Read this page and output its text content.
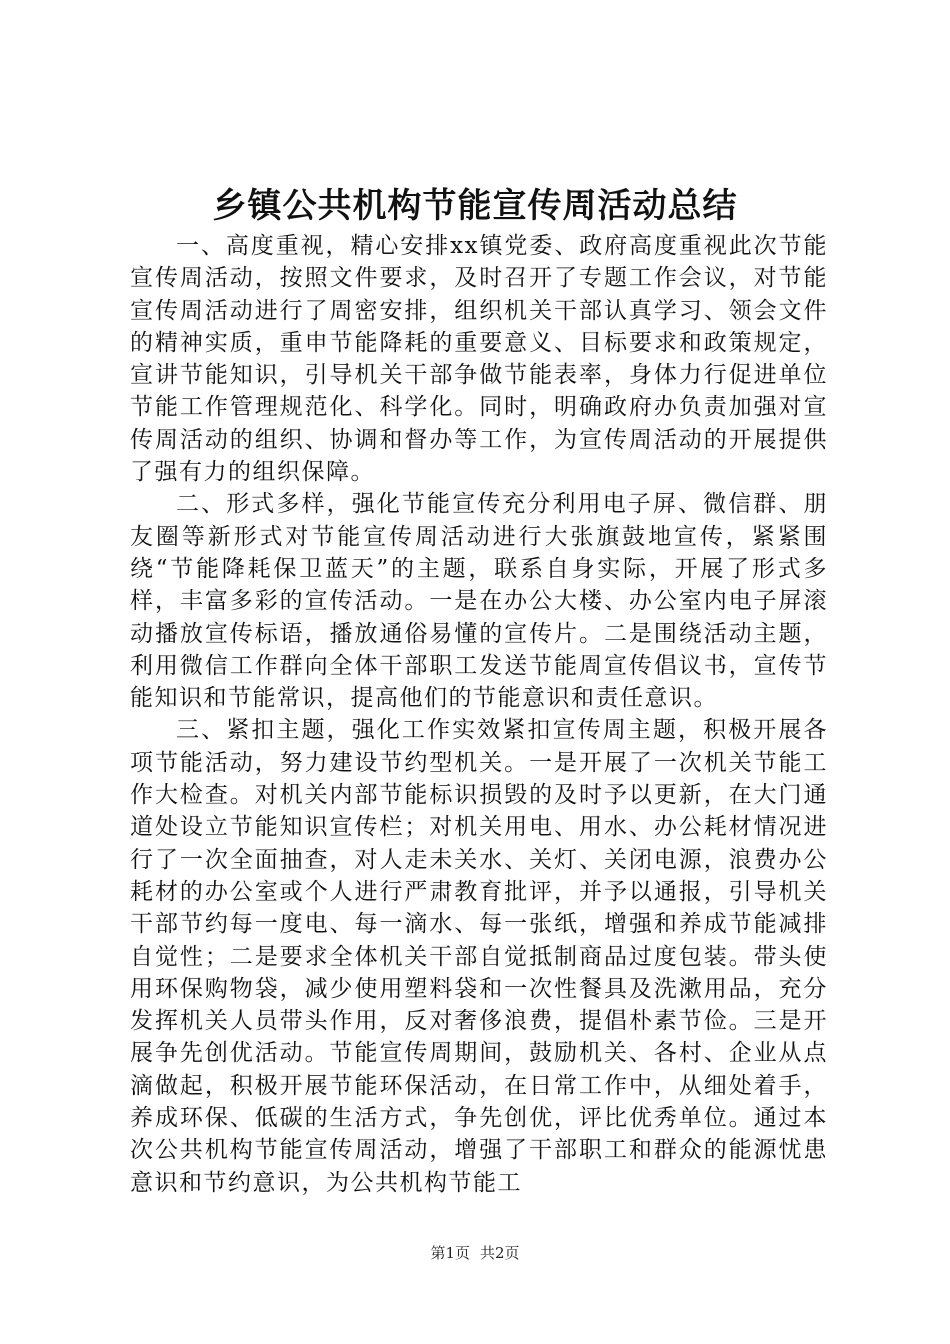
乡镇公共机构节能宣传周活动总结

一、高度重视，精心安排xx镇党委、政府高度重视此次节能宣传周活动，按照文件要求，及时召开了专题工作会议，对节能宣传周活动进行了周密安排，组织机关干部认真学习、领会文件的精神实质，重申节能降耗的重要意义、目标要求和政策规定，宣讲节能知识，引导机关干部争做节能表率，身体力行促进单位节能工作管理规范化、科学化。同时，明确政府办负责加强对宣传周活动的组织、协调和督办等工作，为宣传周活动的开展提供了强有力的组织保障。

二、形式多样，强化节能宣传充分利用电子屏、微信群、朋友圈等新形式对节能宣传周活动进行大张旗鼓地宣传，紧紧围绕“节能降耗保卫蓝天”的主题，联系自身实际，开展了形式多样，丰富多彩的宣传活动。一是在办公大楼、办公室内电子屏滚动播放宣传标语，播放通俗易懂的宣传片。二是围绕活动主题，利用微信工作群向全体干部职工发送节能周宣传倡议书，宣传节能知识和节能常识，提高他们的节能意识和责任意识。

三、紧扣主题，强化工作实效紧扣宣传周主题，积极开展各项节能活动，努力建设节约型机关。一是开展了一次机关节能工作大检查。对机关内部节能标识损毁的及时予以更新，在大门通道处设立节能知识宣传栏；对机关用电、用水、办公耗材情况进行了一次全面抽查，对人走未关水、关灯、关闭电源，浪费办公耗材的办公室或个人进行严肃教育批评，并予以通报，引导机关干部节约每一度电、每一滴水、每一张纸，增强和养成节能减排自觉性；二是要求全体机关干部自觉抵制商品过度包装。带头使用环保购物袋，减少使用塑料袋和一次性餐具及洗漱用品，充分发挥机关人员带头作用，反对奢侈浪费，提倡朴素节俭。三是开展争先创优活动。节能宣传周期间，鼓励机关、各村、企业从点滴做起，积极开展节能环保活动，在日常工作中，从细处着手，养成环保、低碳的生活方式，争先创优，评比优秀单位。通过本次公共机构节能宣传周活动，增强了干部职工和群众的能源忧患意识和节约意识，为公共机构节能工

第1页 共2页
